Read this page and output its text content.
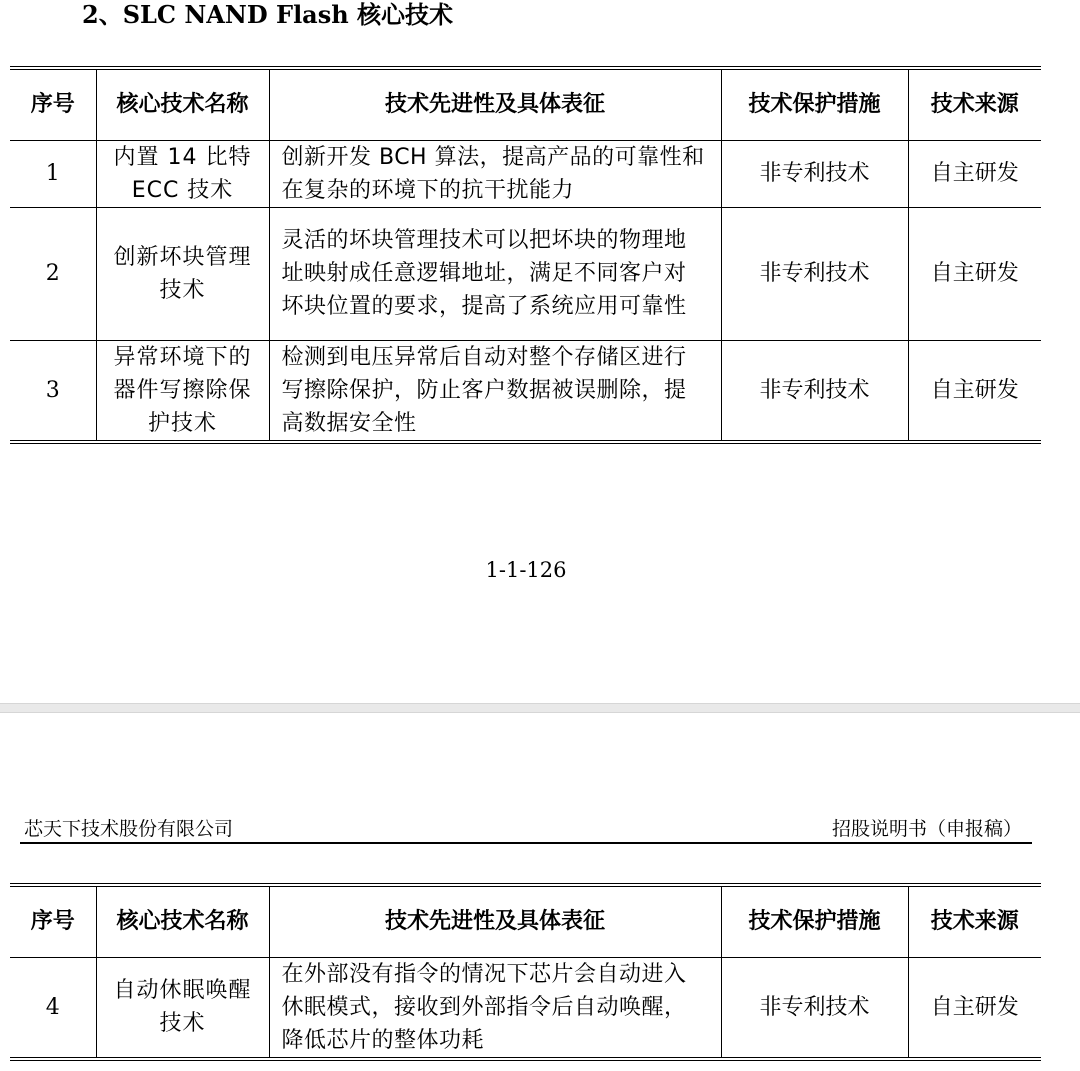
2、SLC NAND Flash 核心技术
序号	核心技术名称	技术先进性及具体表征	技术保护措施	技术来源
1	内置 14 比特 ECC 技术	创新开发 BCH 算法，提高产品的可靠性和在复杂的环境下的抗干扰能力	非专利技术	自主研发
2	创新坏块管理技术	灵活的坏块管理技术可以把坏块的物理地址映射成任意逻辑地址，满足不同客户对坏块位置的要求，提高了系统应用可靠性	非专利技术	自主研发
3	异常环境下的器件写擦除保护技术	检测到电压异常后自动对整个存储区进行写擦除保护，防止客户数据被误删除，提高数据安全性	非专利技术	自主研发
1-1-126
芯天下技术股份有限公司	招股说明书（申报稿）
序号	核心技术名称	技术先进性及具体表征	技术保护措施	技术来源
4	自动休眠唤醒技术	在外部没有指令的情况下芯片会自动进入休眠模式，接收到外部指令后自动唤醒，降低芯片的整体功耗	非专利技术	自主研发
